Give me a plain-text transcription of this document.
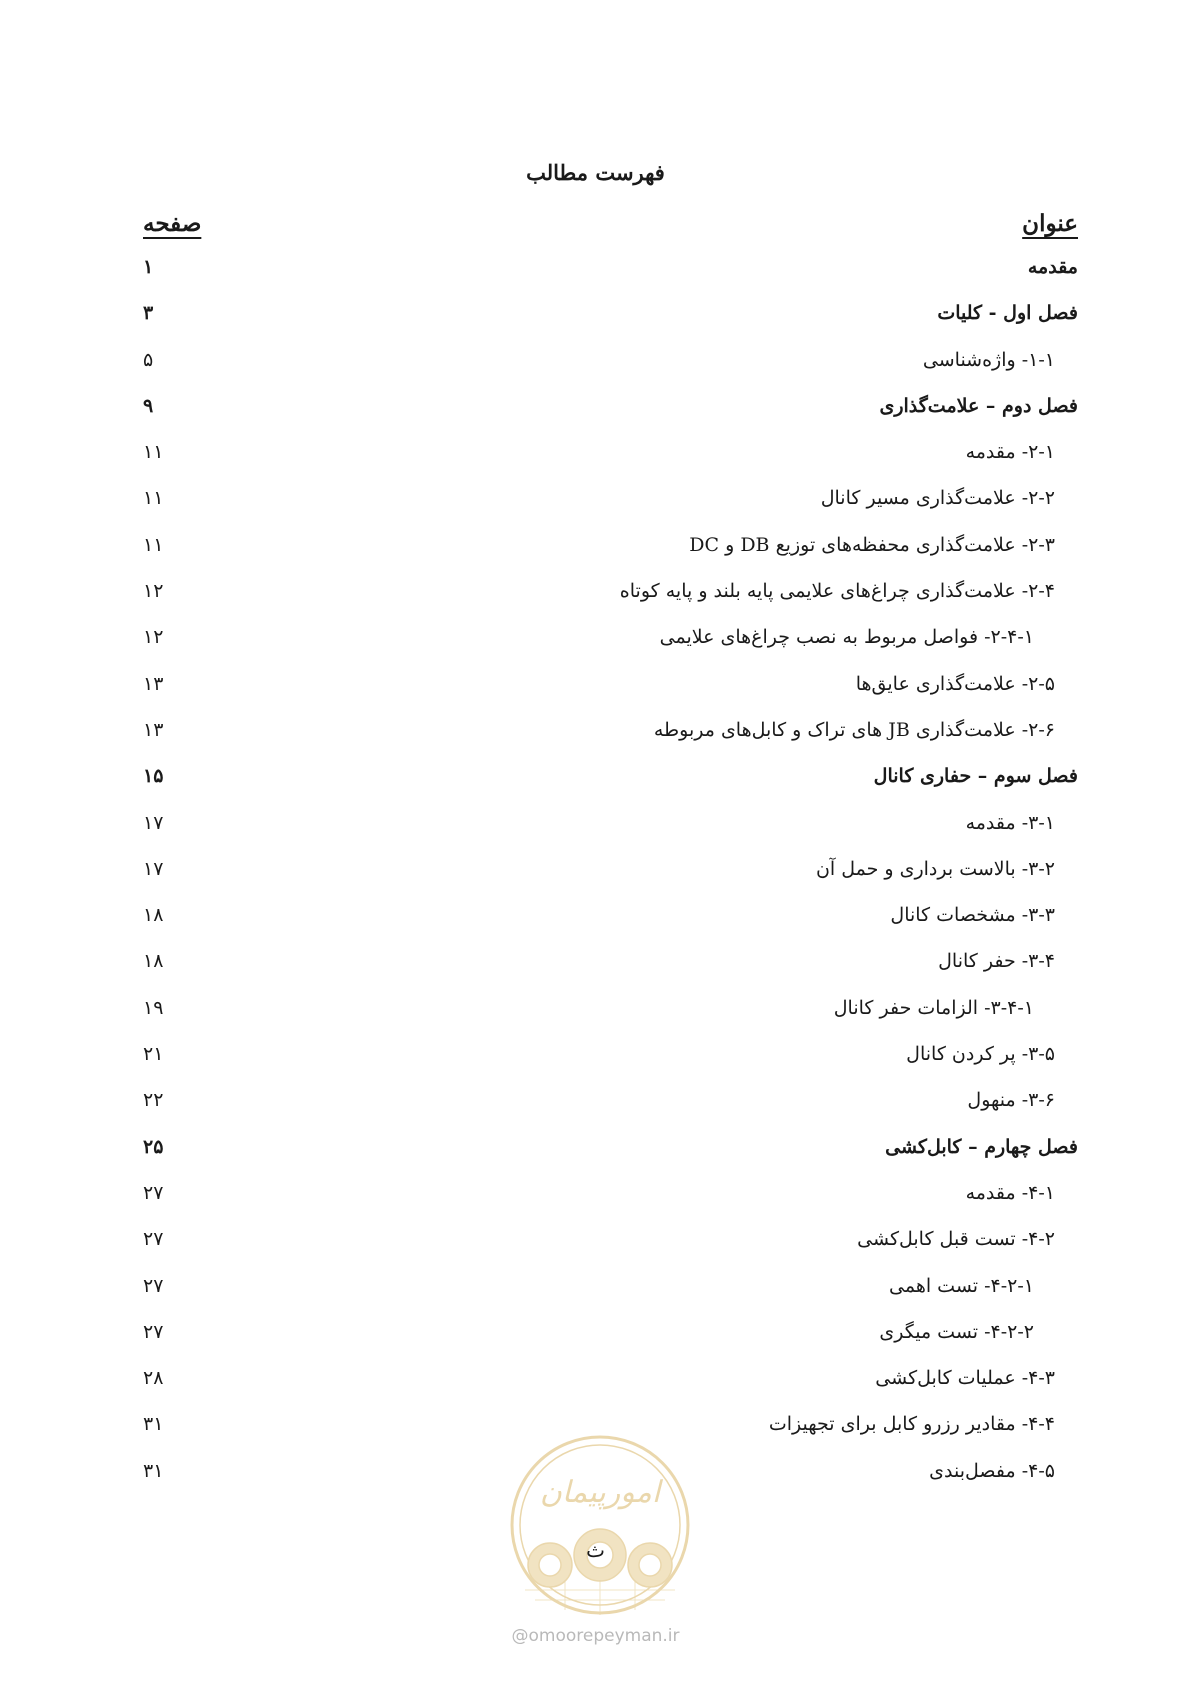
فهرست مطالب
عنوان
صفحه
مقدمه
۱
فصل اول - کلیات
۳
۱-۱- واژه‌شناسی
۵
فصل دوم – علامت‌گذاری
۹
۲-۱- مقدمه
۱۱
۲-۲- علامت‌گذاری مسیر کانال
۱۱
۲-۳- علامت‌گذاری محفظه‌های توزیع DB و DC
۱۱
۲-۴- علامت‌گذاری چراغ‌های علایمی پایه بلند و پایه کوتاه
۱۲
۲-۴-۱- فواصل مربوط به نصب چراغ‌های علایمی
۱۲
۲-۵- علامت‌گذاری عایق‌ها
۱۳
۲-۶- علامت‌گذاری JB های تراک و کابل‌های مربوطه
۱۳
فصل سوم – حفاری کانال
۱۵
۳-۱- مقدمه
۱۷
۳-۲- بالاست برداری و حمل آن
۱۷
۳-۳- مشخصات کانال
۱۸
۳-۴- حفر کانال
۱۸
۳-۴-۱- الزامات حفر کانال
۱۹
۳-۵- پر کردن کانال
۲۱
۳-۶- منهول
۲۲
فصل چهارم – کابل‌کشی
۲۵
۴-۱- مقدمه
۲۷
۴-۲- تست قبل کابل‌کشی
۲۷
۴-۲-۱- تست اهمی
۲۷
۴-۲-۲- تست میگری
۲۷
۴-۳- عملیات کابل‌کشی
۲۸
۴-۴- مقادیر رزرو کابل برای تجهیزات
۳۱
۴-۵- مفصل‌بندی
۳۱
امورپیمان
ث
@omoorepeyman.ir
